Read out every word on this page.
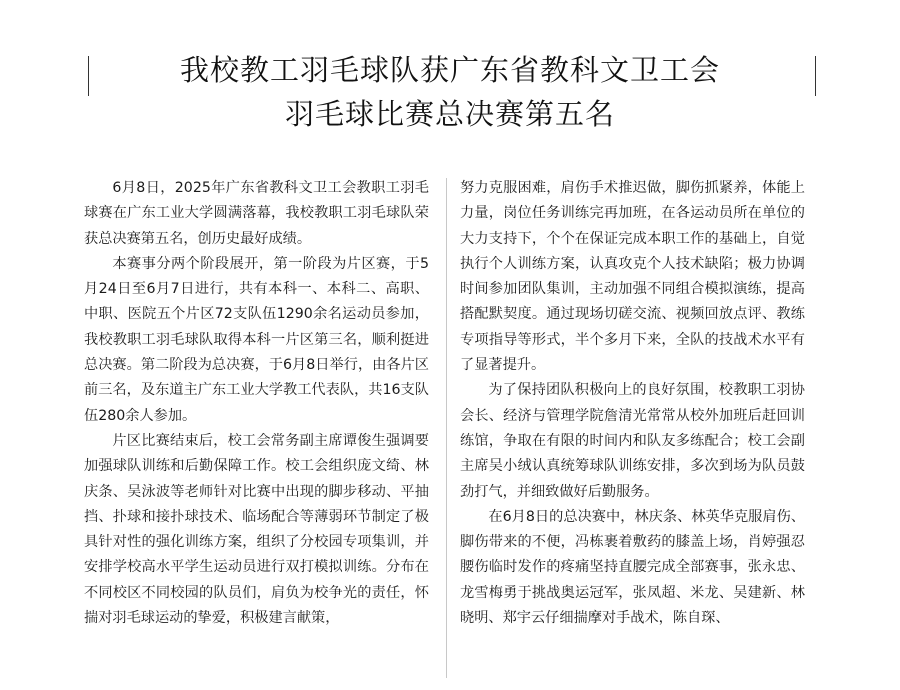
我校教工羽毛球队获广东省教科文卫工会
羽毛球比赛总决赛第五名

6月8日，2025年广东省教科文卫工会教职工羽毛球赛在广东工业大学圆满落幕，我校教职工羽毛球队荣获总决赛第五名，创历史最好成绩。

本赛事分两个阶段展开，第一阶段为片区赛，于5月24日至6月7日进行，共有本科一、本科二、高职、中职、医院五个片区72支队伍1290余名运动员参加，我校教职工羽毛球队取得本科一片区第三名，顺利挺进总决赛。第二阶段为总决赛，于6月8日举行，由各片区前三名，及东道主广东工业大学教工代表队，共16支队伍280余人参加。

片区比赛结束后，校工会常务副主席谭俊生强调要加强球队训练和后勤保障工作。校工会组织庞文绮、林庆条、吴泳波等老师针对比赛中出现的脚步移动、平抽挡、扑球和接扑球技术、临场配合等薄弱环节制定了极具针对性的强化训练方案，组织了分校园专项集训，并安排学校高水平学生运动员进行双打模拟训练。分布在不同校区不同校园的队员们，肩负为校争光的责任，怀揣对羽毛球运动的挚爱，积极建言献策，

努力克服困难，肩伤手术推迟做，脚伤抓紧养，体能上力量，岗位任务训练完再加班，在各运动员所在单位的大力支持下，个个在保证完成本职工作的基础上，自觉执行个人训练方案，认真攻克个人技术缺陷；极力协调时间参加团队集训，主动加强不同组合模拟演练，提高搭配默契度。通过现场切磋交流、视频回放点评、教练专项指导等形式，半个多月下来，全队的技战术水平有了显著提升。

为了保持团队积极向上的良好氛围，校教职工羽协会长、经济与管理学院詹清光常常从校外加班后赶回训练馆，争取在有限的时间内和队友多练配合；校工会副主席吴小绒认真统筹球队训练安排，多次到场为队员鼓劲打气，并细致做好后勤服务。

在6月8日的总决赛中，林庆条、林英华克服肩伤、脚伤带来的不便，冯栋裹着敷药的膝盖上场，肖婷强忍腰伤临时发作的疼痛坚持直腰完成全部赛事，张永忠、龙雪梅勇于挑战奥运冠军，张凤超、米龙、吴建新、林晓明、郑宇云仔细揣摩对手战术，陈自琛、
